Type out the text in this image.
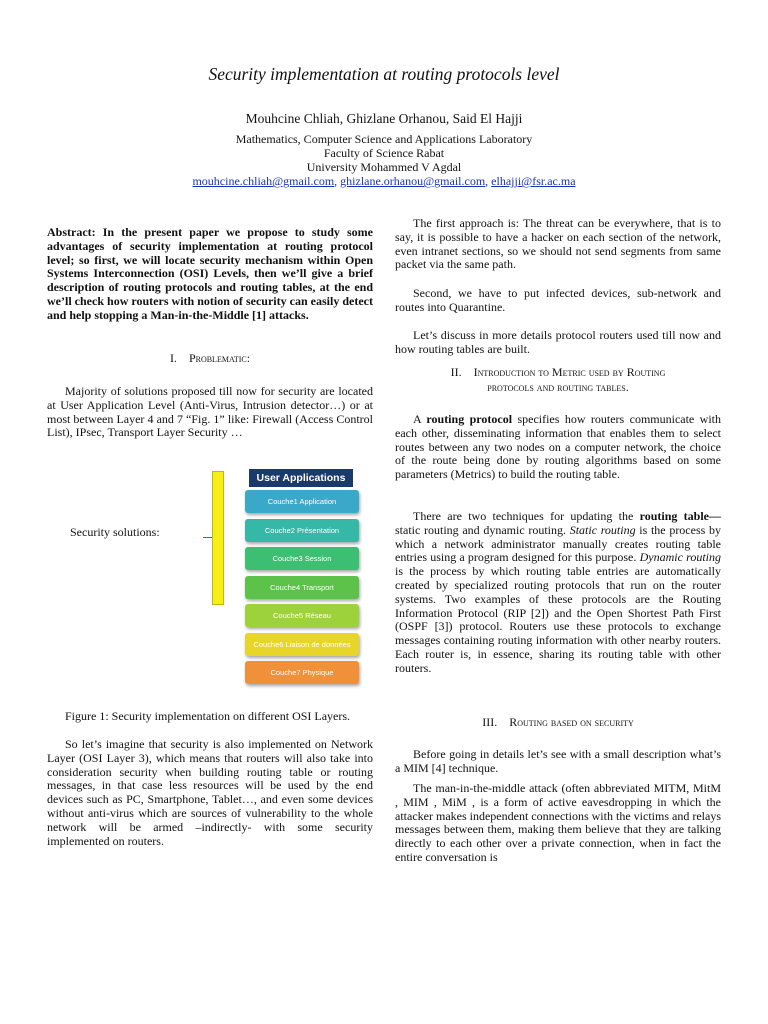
Security implementation at routing protocols level
Mouhcine Chliah, Ghizlane Orhanou, Said El Hajji
Mathematics, Computer Science and Applications Laboratory
Faculty of Science Rabat
University Mohammed V Agdal
mouhcine.chliah@gmail.com, ghizlane.orhanou@gmail.com, elhajji@fsr.ac.ma

Abstract: In the present paper we propose to study some advantages of security implementation at routing protocol level; so first, we will locate security mechanism within Open Systems Interconnection (OSI) Levels, then we’ll give a brief description of routing protocols and routing tables, at the end we’ll check how routers with notion of security can easily detect and help stopping a Man-in-the-Middle [1] attacks.

I. Problematic:

Majority of solutions proposed till now for security are located at User Application Level (Anti-Virus, Intrusion detector…) or at most between Layer 4 and 7 “Fig. 1” like: Firewall (Access Control List), IPsec, Transport Layer Security …

Security solutions:
User Applications
Couche1 Application
Couche2 Présentation
Couche3 Session
Couche4 Transport
Couche5 Réseau
Couche6 Liaison de données
Couche7 Physique

Figure 1: Security implementation on different OSI Layers.

So let’s imagine that security is also implemented on Network Layer (OSI Layer 3), which means that routers will also take into consideration security when building routing table or routing messages, in that case less resources will be used by the end devices such as PC, Smartphone, Tablet…, and even some devices without anti-virus which are sources of vulnerability to the whole network will be armed –indirectly- with some security implemented on routers.

The first approach is: The threat can be everywhere, that is to say, it is possible to have a hacker on each section of the network, even intranet sections, so we should not send segments from same packet via the same path.

Second, we have to put infected devices, sub-network and routes into Quarantine.

Let’s discuss in more details protocol routers used till now and how routing tables are built.

II. Introduction to Metric used by Routing
protocols and routing tables.

A routing protocol specifies how routers communicate with each other, disseminating information that enables them to select routes between any two nodes on a computer network, the choice of the route being done by routing algorithms based on some parameters (Metrics) to build the routing table.

There are two techniques for updating the routing table— static routing and dynamic routing. Static routing is the process by which a network administrator manually creates routing table entries using a program designed for this purpose. Dynamic routing is the process by which routing table entries are automatically created by specialized routing protocols that run on the router systems. Two examples of these protocols are the Routing Information Protocol (RIP [2]) and the Open Shortest Path First (OSPF [3]) protocol. Routers use these protocols to exchange messages containing routing information with other nearby routers. Each router is, in essence, sharing its routing table with other routers.

III. Routing based on security

Before going in details let’s see with a small description what’s a MIM [4] technique.

The man-in-the-middle attack (often abbreviated MITM, MitM , MIM , MiM , is a form of active eavesdropping in which the attacker makes independent connections with the victims and relays messages between them, making them believe that they are talking directly to each other over a private connection, when in fact the entire conversation is
